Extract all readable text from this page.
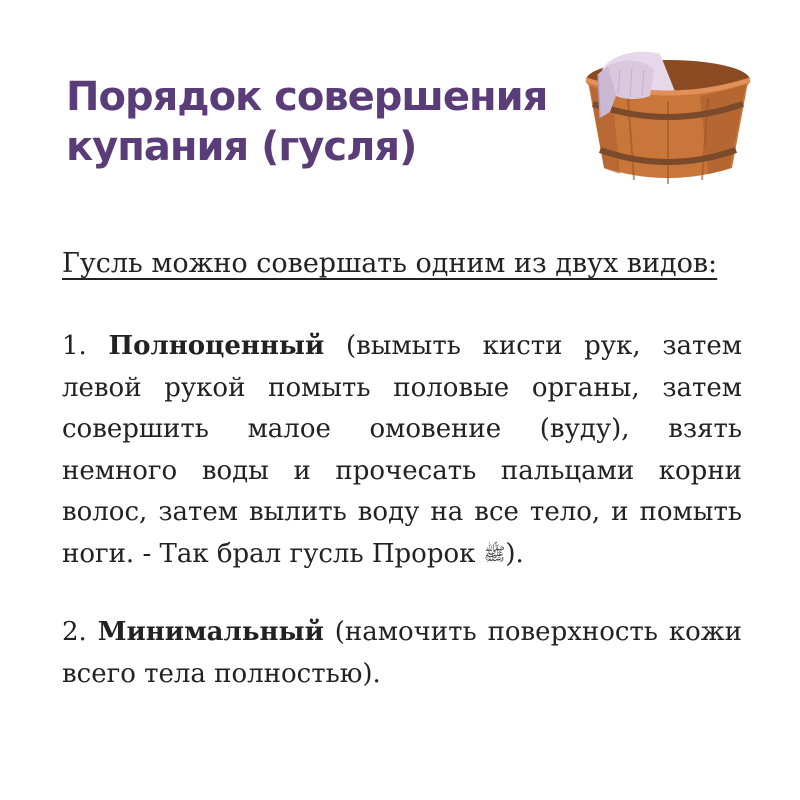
Порядок совершения
купания (гусля)

Гусль можно совершать одним из двух видов:

1. Полноценный (вымыть кисти рук, затем левой рукой помыть половые органы, затем совершить малое омовение (вуду), взять немного воды и прочесать пальцами корни волос, затем вылить воду на все тело, и помыть ноги. - Так брал гусль Пророк ﷺ).

2. Минимальный (намочить поверхность кожи всего тела полностью).
